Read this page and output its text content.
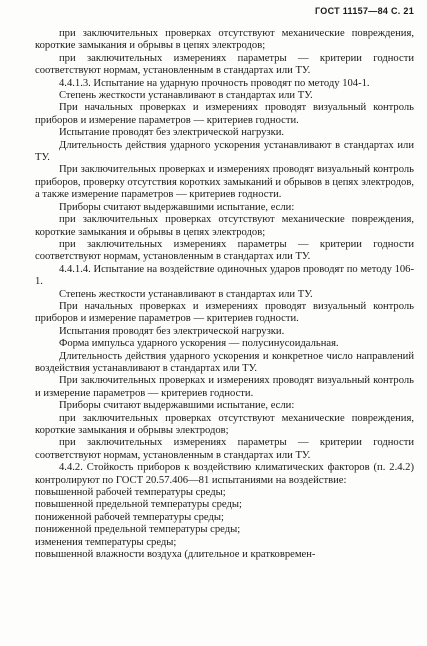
ГОСТ 11157—84 С. 21

при заключительных проверках отсутствуют механические повреждения, короткие замыкания и обрывы в цепях электродов;

при заключительных измерениях параметры — критерии годности соответствуют нормам, установленным в стандартах или ТУ.

4.4.1.3. Испытание на ударную прочность проводят по методу 104-1.

Степень жесткости устанавливают в стандартах или ТУ.

При начальных проверках и измерениях проводят визуальный контроль приборов и измерение параметров — критериев годности.

Испытание проводят без электрической нагрузки.

Длительность действия ударного ускорения устанавливают в стандартах или ТУ.

При заключительных проверках и измерениях проводят визуальный контроль приборов, проверку отсутствия коротких замыканий и обрывов в цепях электродов, а также измерение параметров — критериев годности.

Приборы считают выдержавшими испытание, если:

при заключительных проверках отсутствуют механические повреждения, короткие замыкания и обрывы в цепях электродов;

при заключительных измерениях параметры — критерии годности соответствуют нормам, установленным в стандартах или ТУ.

4.4.1.4. Испытание на воздействие одиночных ударов проводят по методу 106-1.

Степень жесткости устанавливают в стандартах или ТУ.

При начальных проверках и измерениях проводят визуальный контроль приборов и измерение параметров — критериев годности.

Испытания проводят без электрической нагрузки.

Форма импульса ударного ускорения — полусинусоидальная.

Длительность действия ударного ускорения и конкретное число направлений воздействия устанавливают в стандартах или ТУ.

При заключительных проверках и измерениях проводят визуальный контроль и измерение параметров — критериев годности.

Приборы считают выдержавшими испытание, если:

при заключительных проверках отсутствуют механические повреждения, короткие замыкания и обрывы электродов;

при заключительных измерениях параметры — критерии годности соответствуют нормам, установленным в стандартах или ТУ.

4.4.2. Стойкость приборов к воздействию климатических факторов (п. 2.4.2) контролируют по ГОСТ 20.57.406—81 испытаниями на воздействие:

повышенной рабочей температуры среды;

повышенной предельной температуры среды;

пониженной рабочей температуры среды;

пониженной предельной температуры среды;

изменения температуры среды;

повышенной влажности воздуха (длительное и кратковремен-
